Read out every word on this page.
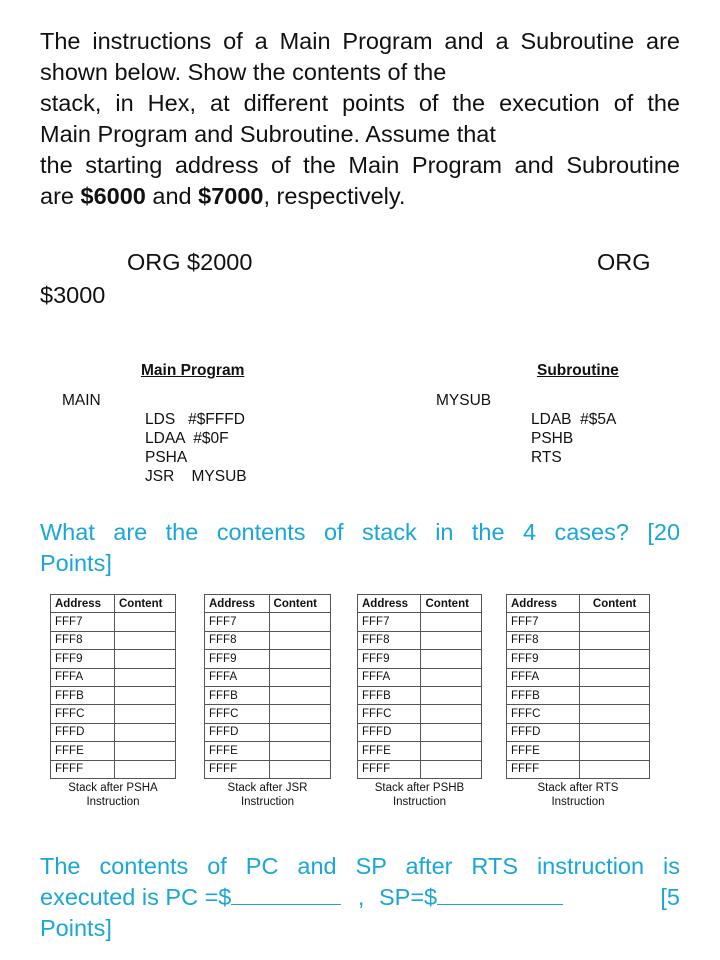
The instructions of a Main Program and a Subroutine are
shown below. Show the contents of the
stack, in Hex, at different points of the execution of the
Main Program and Subroutine. Assume that
the starting address of the Main Program and Subroutine
are $6000 and $7000, respectively.
ORG $2000	ORG
$3000
Main Program
MAIN

LDS   #$FFFD
LDAA  #$0F
PSHA
JSR    MYSUB

Subroutine
MYSUB

LDAB  #$5A
PSHB
RTS

What are the contents of stack in the 4 cases? [20
Points]
Address	Content
FFF7	
FFF8	
FFF9	
FFFA	
FFFB	
FFFC	
FFFD	
FFFE	
FFFF	
Stack after PSHA
Instruction
Address	Content
FFF7	
FFF8	
FFF9	
FFFA	
FFFB	
FFFC	
FFFD	
FFFE	
FFFF	
Stack after JSR
Instruction
Address	Content
FFF7	
FFF8	
FFF9	
FFFA	
FFFB	
FFFC	
FFFD	
FFFE	
FFFF	
Stack after PSHB
Instruction
Address	Content
FFF7	
FFF8	
FFF9	
FFFA	
FFFB	
FFFC	
FFFD	
FFFE	
FFFF	
Stack after RTS
Instruction
The contents of PC and SP after RTS instruction is
executed is PC =$	, SP=$	[5
Points]
